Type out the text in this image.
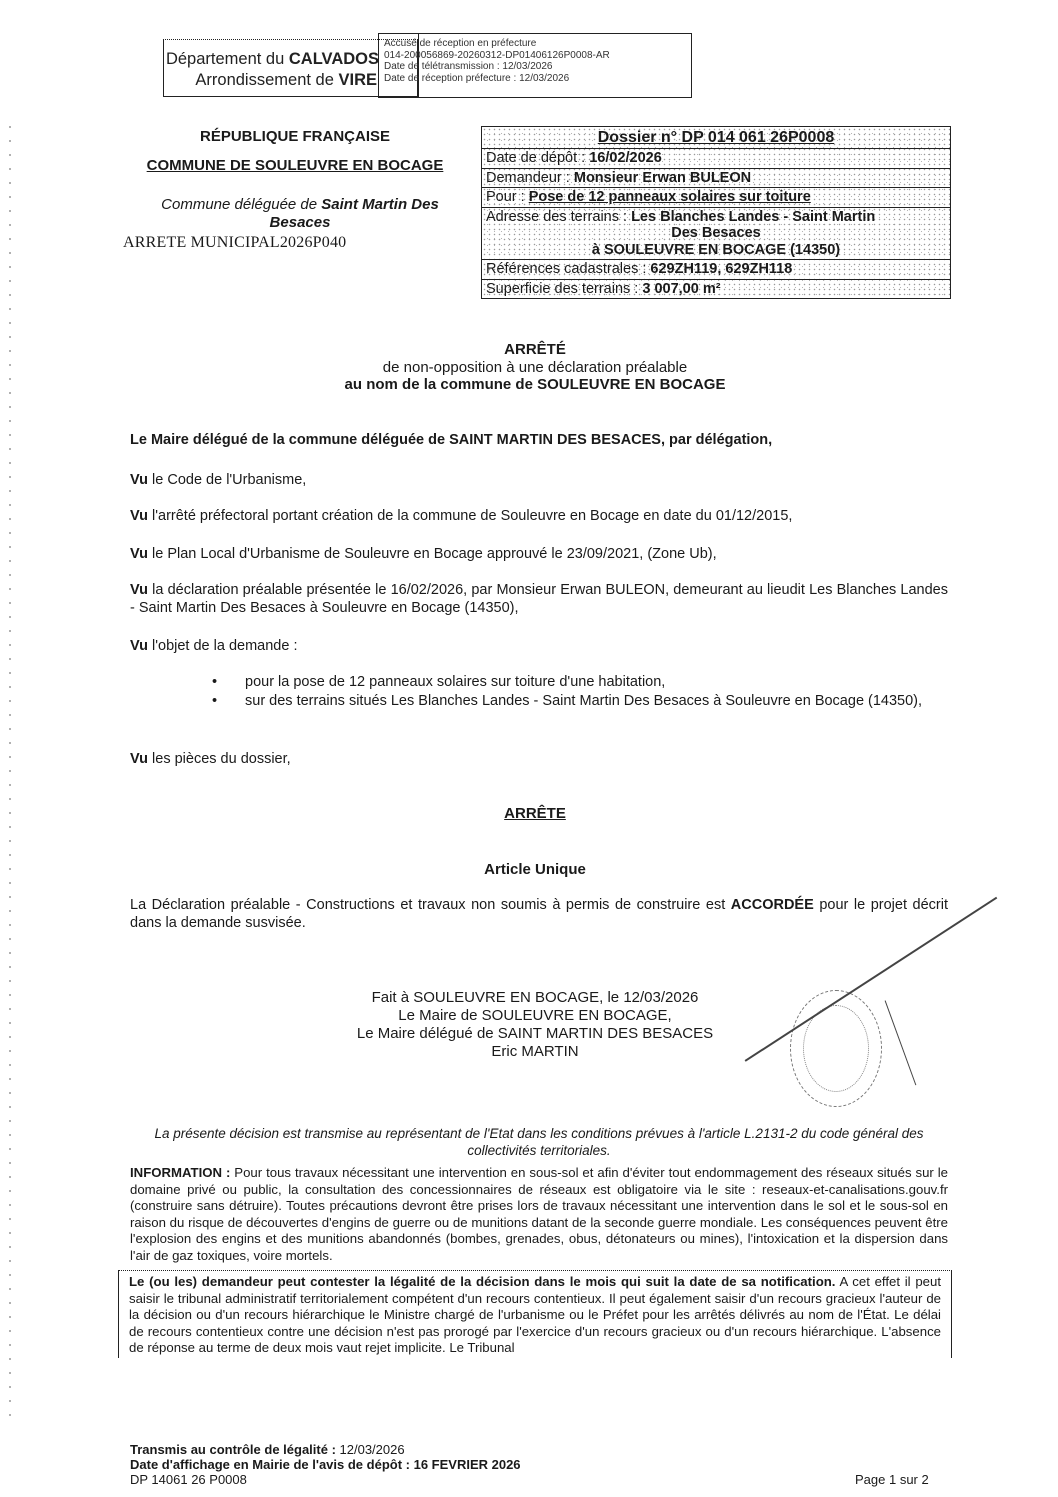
Département du CALVADOS
Arrondissement de VIRE
Accusé de réception en préfecture
014-200056869-20260312-DP01406126P0008-AR
Date de télétransmission : 12/03/2026
Date de réception préfecture : 12/03/2026
RÉPUBLIQUE FRANÇAISE
COMMUNE DE SOULEUVRE EN BOCAGE
Commune déléguée de Saint Martin Des Besaces
ARRETE MUNICIPAL2026P040
Dossier n° DP 014 061 26P0008
Date de dépôt : 16/02/2026
Demandeur : Monsieur Erwan BULEON
Pour : Pose de 12 panneaux solaires sur toiture
Adresse des terrains : Les Blanches Landes - Saint Martin
Des Besaces
à SOULEUVRE EN BOCAGE (14350)
Références cadastrales : 629ZH119, 629ZH118
Superficie des terrains : 3 007,00 m²
ARRÊTÉ
de non-opposition à une déclaration préalable
au nom de la commune de SOULEUVRE EN BOCAGE
Le Maire délégué de la commune déléguée de SAINT MARTIN DES BESACES, par délégation,
Vu le Code de l'Urbanisme,
Vu l'arrêté préfectoral portant création de la commune de Souleuvre en Bocage en date du 01/12/2015,
Vu le Plan Local d'Urbanisme de Souleuvre en Bocage approuvé le 23/09/2021, (Zone Ub),
Vu la déclaration préalable présentée le 16/02/2026, par Monsieur Erwan BULEON, demeurant au lieudit Les Blanches Landes - Saint Martin Des Besaces à Souleuvre en Bocage (14350),
Vu l'objet de la demande :
• pour la pose de 12 panneaux solaires sur toiture d'une habitation,
• sur des terrains situés Les Blanches Landes - Saint Martin Des Besaces à Souleuvre en Bocage (14350),
Vu les pièces du dossier,
ARRÊTE
Article Unique
La Déclaration préalable - Constructions et travaux non soumis à permis de construire est ACCORDÉE pour le projet décrit dans la demande susvisée.
Fait à SOULEUVRE EN BOCAGE, le 12/03/2026
Le Maire de SOULEUVRE EN BOCAGE,
Le Maire délégué de SAINT MARTIN DES BESACES
Eric MARTIN
La présente décision est transmise au représentant de l'Etat dans les conditions prévues à l'article L.2131-2 du code général des collectivités territoriales.
INFORMATION : Pour tous travaux nécessitant une intervention en sous-sol et afin d'éviter tout endommagement des réseaux situés sur le domaine privé ou public, la consultation des concessionnaires de réseaux est obligatoire via le site : reseaux-et-canalisations.gouv.fr (construire sans détruire). Toutes précautions devront être prises lors de travaux nécessitant une intervention dans le sol et le sous-sol en raison du risque de découvertes d'engins de guerre ou de munitions datant de la seconde guerre mondiale. Les conséquences peuvent être l'explosion des engins et des munitions abandonnés (bombes, grenades, obus, détonateurs ou mines), l'intoxication et la dispersion dans l'air de gaz toxiques, voire mortels.
Le (ou les) demandeur peut contester la légalité de la décision dans le mois qui suit la date de sa notification. A cet effet il peut saisir le tribunal administratif territorialement compétent d'un recours contentieux. Il peut également saisir d'un recours gracieux l'auteur de la décision ou d'un recours hiérarchique le Ministre chargé de l'urbanisme ou le Préfet pour les arrêtés délivrés au nom de l'État. Le délai de recours contentieux contre une décision n'est pas prorogé par l'exercice d'un recours gracieux ou d'un recours hiérarchique. L'absence de réponse au terme de deux mois vaut rejet implicite. Le Tribunal
Transmis au contrôle de légalité : 12/03/2026
Date d'affichage en Mairie de l'avis de dépôt : 16 FEVRIER 2026
DP 14061 26 P0008	Page 1 sur 2
